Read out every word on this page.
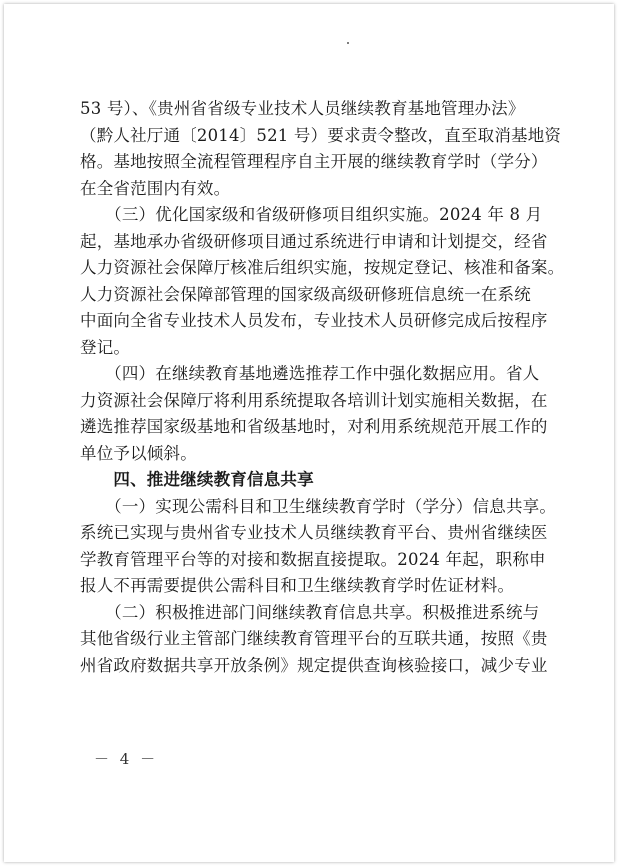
53 号）、《贵州省省级专业技术人员继续教育基地管理办法》
（黔人社厅通〔2014〕521 号）要求责令整改，直至取消基地资
格。基地按照全流程管理程序自主开展的继续教育学时（学分）
在全省范围内有效。
　　（三）优化国家级和省级研修项目组织实施。2024 年 8 月
起，基地承办省级研修项目通过系统进行申请和计划提交，经省
人力资源社会保障厅核准后组织实施，按规定登记、核准和备案。
人力资源社会保障部管理的国家级高级研修班信息统一在系统
中面向全省专业技术人员发布，专业技术人员研修完成后按程序
登记。
　　（四）在继续教育基地遴选推荐工作中强化数据应用。省人
力资源社会保障厅将利用系统提取各培训计划实施相关数据，在
遴选推荐国家级基地和省级基地时，对利用系统规范开展工作的
单位予以倾斜。
　　四、推进继续教育信息共享
　　（一）实现公需科目和卫生继续教育学时（学分）信息共享。
系统已实现与贵州省专业技术人员继续教育平台、贵州省继续医
学教育管理平台等的对接和数据直接提取。2024 年起，职称申
报人不再需要提供公需科目和卫生继续教育学时佐证材料。
　　（二）积极推进部门间继续教育信息共享。积极推进系统与
其他省级行业主管部门继续教育管理平台的互联共通，按照《贵
州省政府数据共享开放条例》规定提供查询核验接口，减少专业
－ 4 －
